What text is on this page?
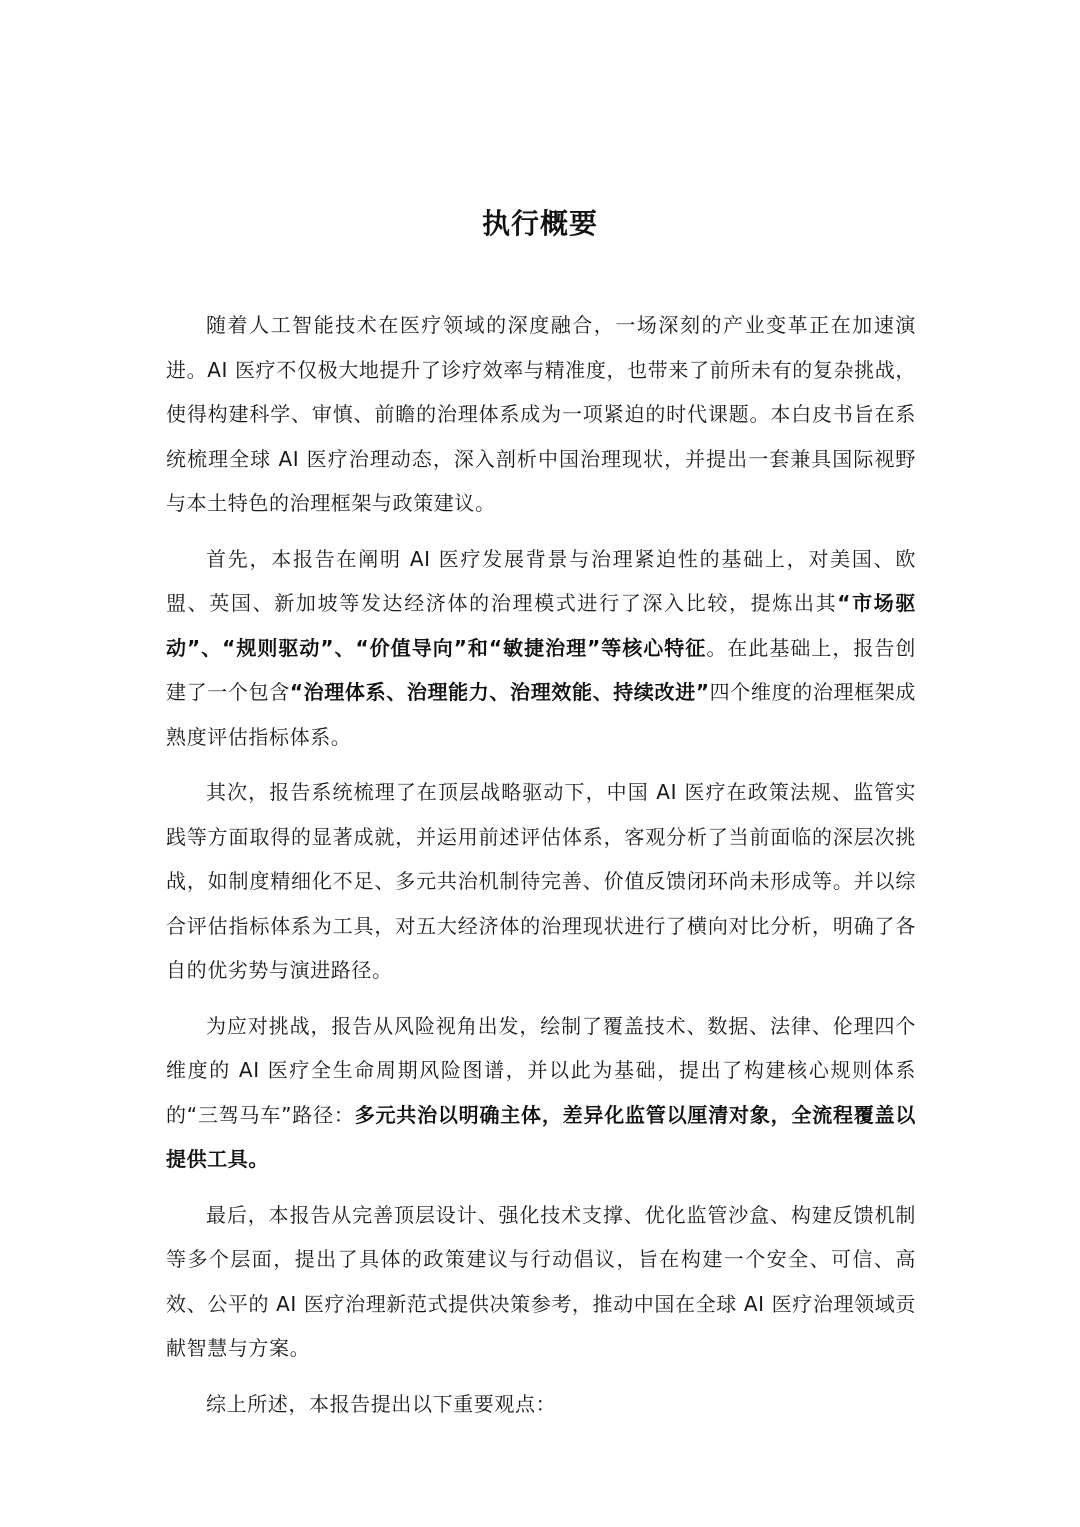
执行概要

随着人工智能技术在医疗领域的深度融合，一场深刻的产业变革正在加速演进。AI 医疗不仅极大地提升了诊疗效率与精准度，也带来了前所未有的复杂挑战，使得构建科学、审慎、前瞻的治理体系成为一项紧迫的时代课题。本白皮书旨在系统梳理全球 AI 医疗治理动态，深入剖析中国治理现状，并提出一套兼具国际视野与本土特色的治理框架与政策建议。

首先，本报告在阐明 AI 医疗发展背景与治理紧迫性的基础上，对美国、欧盟、英国、新加坡等发达经济体的治理模式进行了深入比较，提炼出其“市场驱动”、“规则驱动”、“价值导向”和“敏捷治理”等核心特征。在此基础上，报告创建了一个包含“治理体系、治理能力、治理效能、持续改进”四个维度的治理框架成熟度评估指标体系。

其次，报告系统梳理了在顶层战略驱动下，中国 AI 医疗在政策法规、监管实践等方面取得的显著成就，并运用前述评估体系，客观分析了当前面临的深层次挑战，如制度精细化不足、多元共治机制待完善、价值反馈闭环尚未形成等。并以综合评估指标体系为工具，对五大经济体的治理现状进行了横向对比分析，明确了各自的优劣势与演进路径。

为应对挑战，报告从风险视角出发，绘制了覆盖技术、数据、法律、伦理四个维度的 AI 医疗全生命周期风险图谱，并以此为基础，提出了构建核心规则体系的“三驾马车”路径：多元共治以明确主体，差异化监管以厘清对象，全流程覆盖以提供工具。

最后，本报告从完善顶层设计、强化技术支撑、优化监管沙盒、构建反馈机制等多个层面，提出了具体的政策建议与行动倡议，旨在构建一个安全、可信、高效、公平的 AI 医疗治理新范式提供决策参考，推动中国在全球 AI 医疗治理领域贡献智慧与方案。

综上所述，本报告提出以下重要观点：
